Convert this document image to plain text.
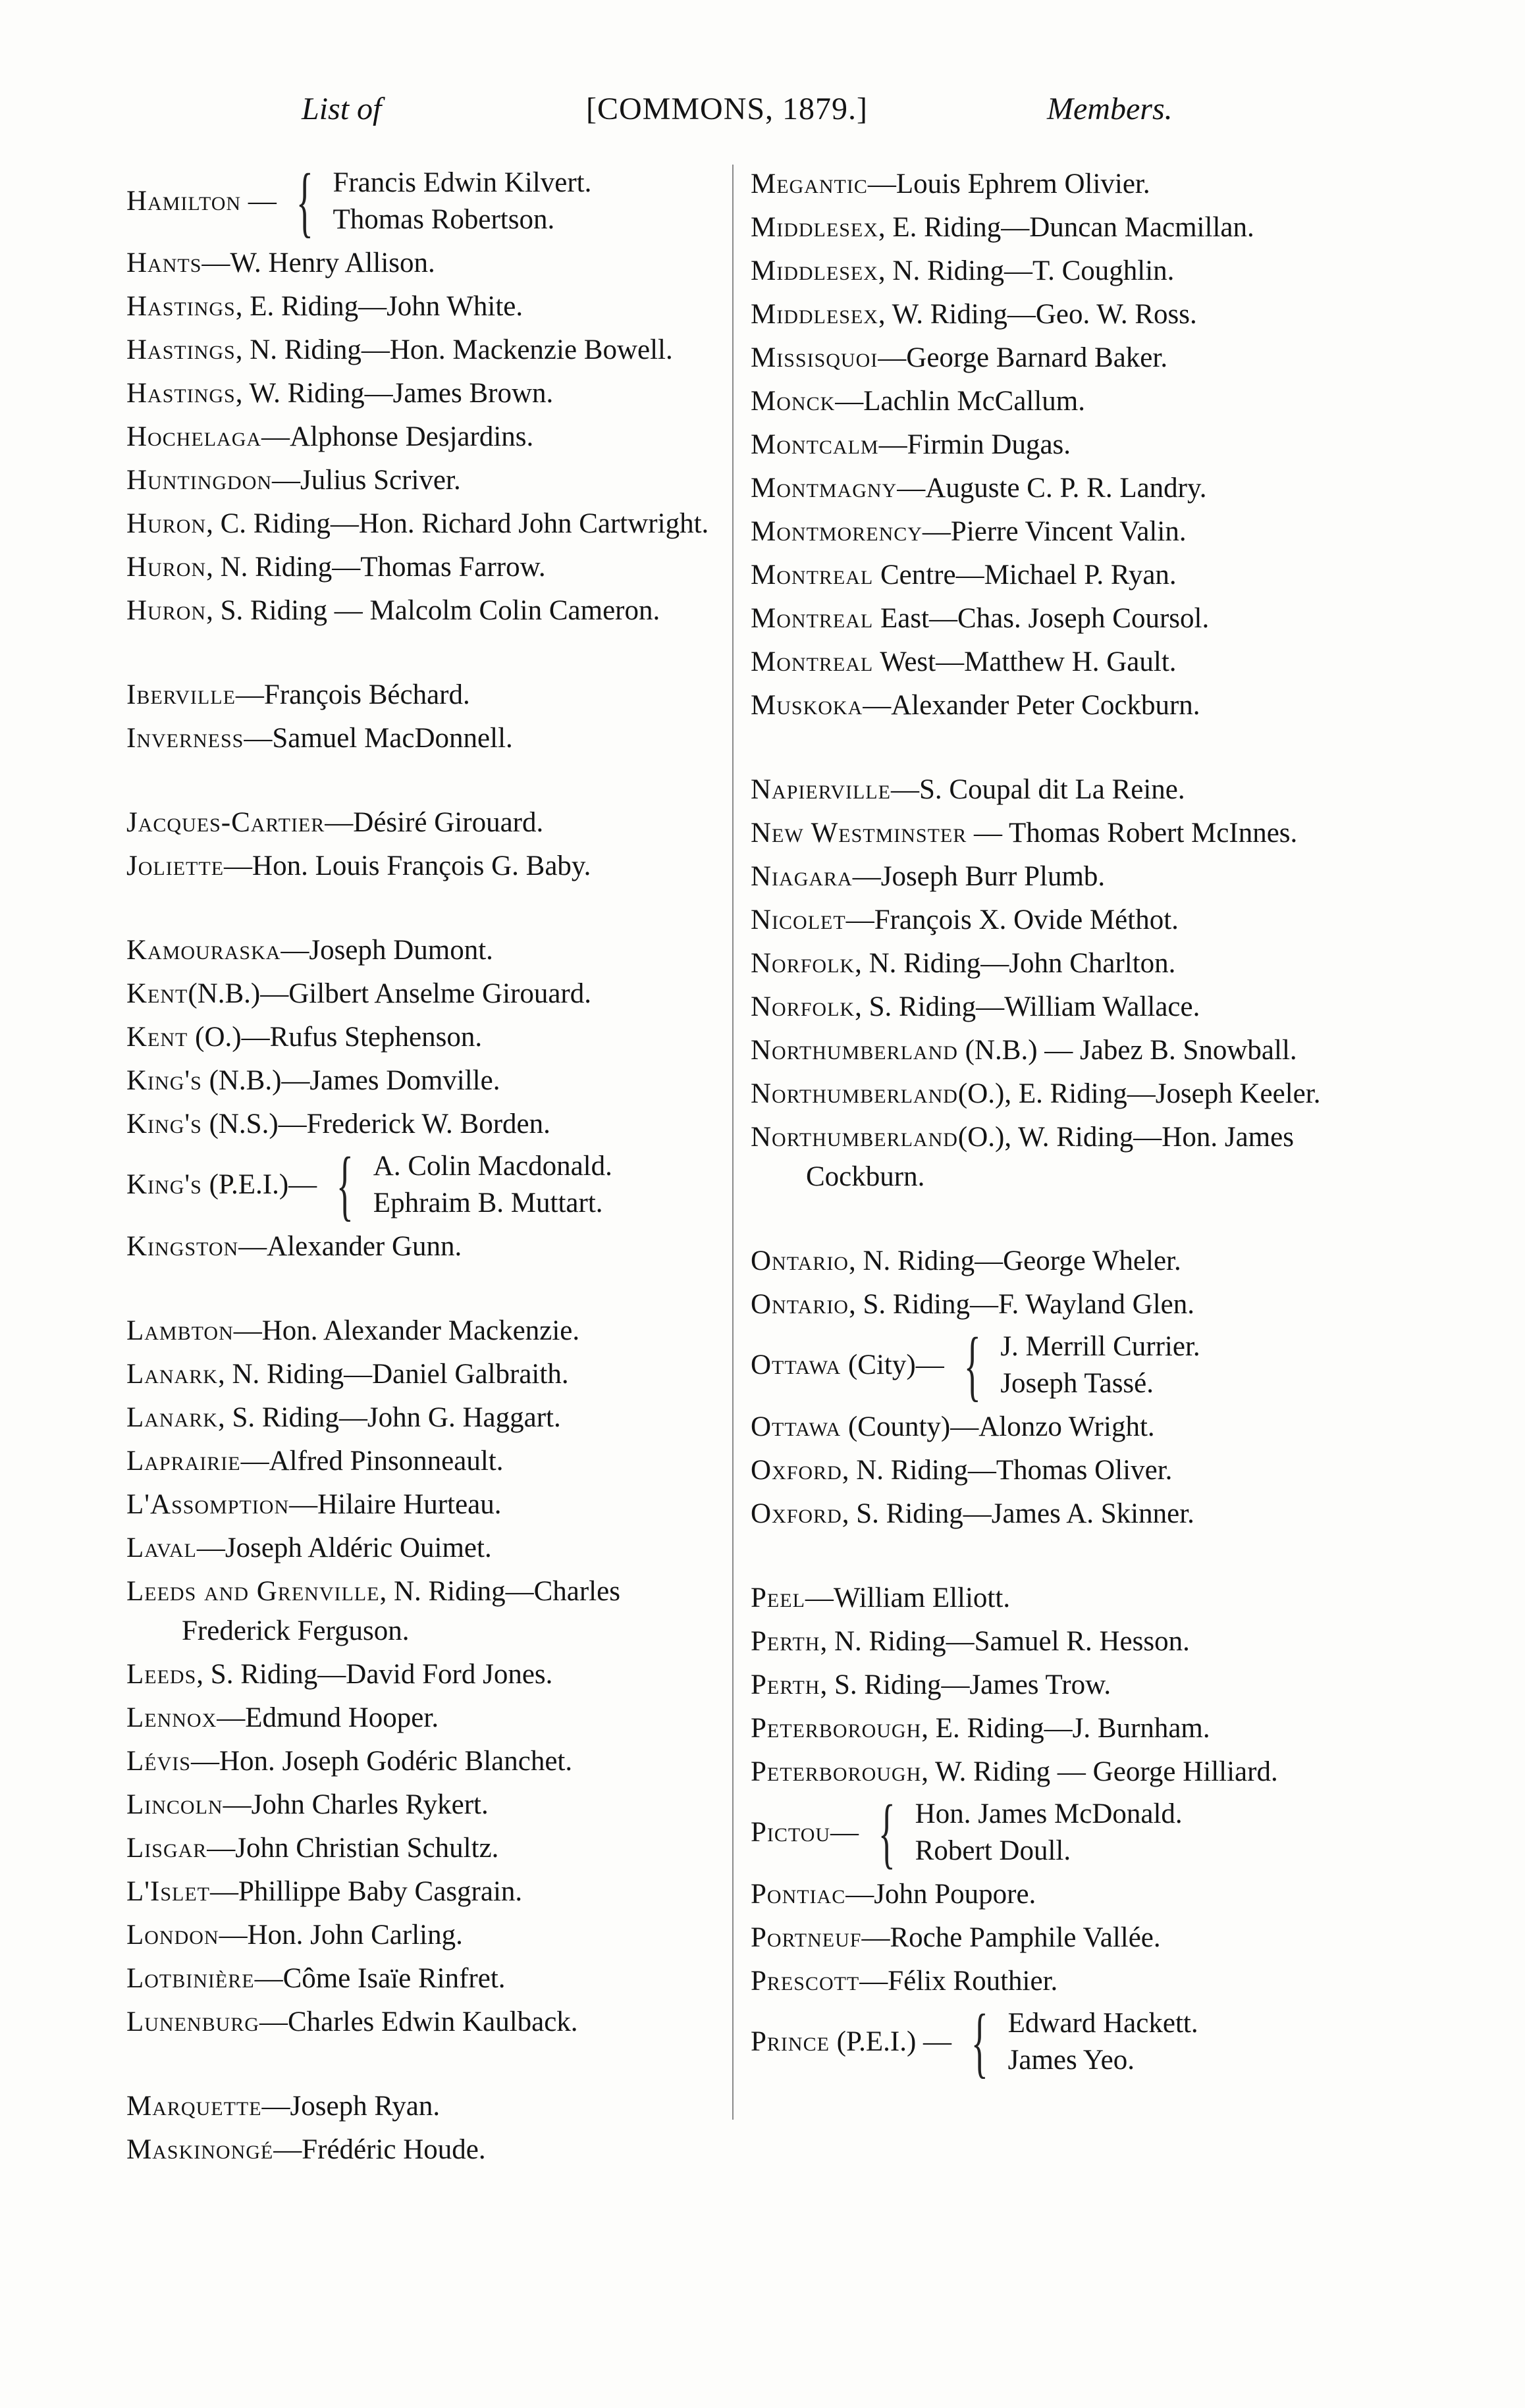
List of	[COMMONS, 1879.]	Members.
Hamilton — { Francis Edwin Kilvert.
Thomas Robertson.
Hants—W. Henry Allison.
Hastings, E. Riding—John White.
Hastings, N. Riding—Hon. Mackenzie Bowell.
Hastings, W. Riding—James Brown.
Hochelaga—Alphonse Desjardins.
Huntingdon—Julius Scriver.
Huron, C. Riding—Hon. Richard John Cartwright.
Huron, N. Riding—Thomas Farrow.
Huron, S. Riding — Malcolm Colin Cameron.
Iberville—François Béchard.
Inverness—Samuel MacDonnell.
Jacques-Cartier—Désiré Girouard.
Joliette—Hon. Louis François G. Baby.
Kamouraska—Joseph Dumont.
Kent(N.B.)—Gilbert Anselme Girouard.
Kent (O.)—Rufus Stephenson.
King's (N.B.)—James Domville.
King's (N.S.)—Frederick W. Borden.
King's (P.E.I.)— { A. Colin Macdonald.
Ephraim B. Muttart.
Kingston—Alexander Gunn.
Lambton—Hon. Alexander Mackenzie.
Lanark, N. Riding—Daniel Galbraith.
Lanark, S. Riding—John G. Haggart.
Laprairie—Alfred Pinsonneault.
L'Assomption—Hilaire Hurteau.
Laval—Joseph Aldéric Ouimet.
Leeds and Grenville, N. Riding—Charles Frederick Ferguson.
Leeds, S. Riding—David Ford Jones.
Lennox—Edmund Hooper.
Lévis—Hon. Joseph Godéric Blanchet.
Lincoln—John Charles Rykert.
Lisgar—John Christian Schultz.
L'Islet—Phillippe Baby Casgrain.
London—Hon. John Carling.
Lotbinière—Côme Isaïe Rinfret.
Lunenburg—Charles Edwin Kaulback.
Marquette—Joseph Ryan.
Maskinongé—Frédéric Houde.
Megantic—Louis Ephrem Olivier.
Middlesex, E. Riding—Duncan Macmillan.
Middlesex, N. Riding—T. Coughlin.
Middlesex, W. Riding—Geo. W. Ross.
Missisquoi—George Barnard Baker.
Monck—Lachlin McCallum.
Montcalm—Firmin Dugas.
Montmagny—Auguste C. P. R. Landry.
Montmorency—Pierre Vincent Valin.
Montreal Centre—Michael P. Ryan.
Montreal East—Chas. Joseph Coursol.
Montreal West—Matthew H. Gault.
Muskoka—Alexander Peter Cockburn.
Napierville—S. Coupal dit La Reine.
New Westminster — Thomas Robert McInnes.
Niagara—Joseph Burr Plumb.
Nicolet—François X. Ovide Méthot.
Norfolk, N. Riding—John Charlton.
Norfolk, S. Riding—William Wallace.
Northumberland (N.B.) — Jabez B. Snowball.
Northumberland(O.), E. Riding—Joseph Keeler.
Northumberland(O.), W. Riding—Hon. James Cockburn.
Ontario, N. Riding—George Wheler.
Ontario, S. Riding—F. Wayland Glen.
Ottawa (City)— { J. Merrill Currier.
Joseph Tassé.
Ottawa (County)—Alonzo Wright.
Oxford, N. Riding—Thomas Oliver.
Oxford, S. Riding—James A. Skinner.
Peel—William Elliott.
Perth, N. Riding—Samuel R. Hesson.
Perth, S. Riding—James Trow.
Peterborough, E. Riding—J. Burnham.
Peterborough, W. Riding — George Hilliard.
Pictou— { Hon. James McDonald.
Robert Doull.
Pontiac—John Poupore.
Portneuf—Roche Pamphile Vallée.
Prescott—Félix Routhier.
Prince (P.E.I.) — { Edward Hackett.
James Yeo.
